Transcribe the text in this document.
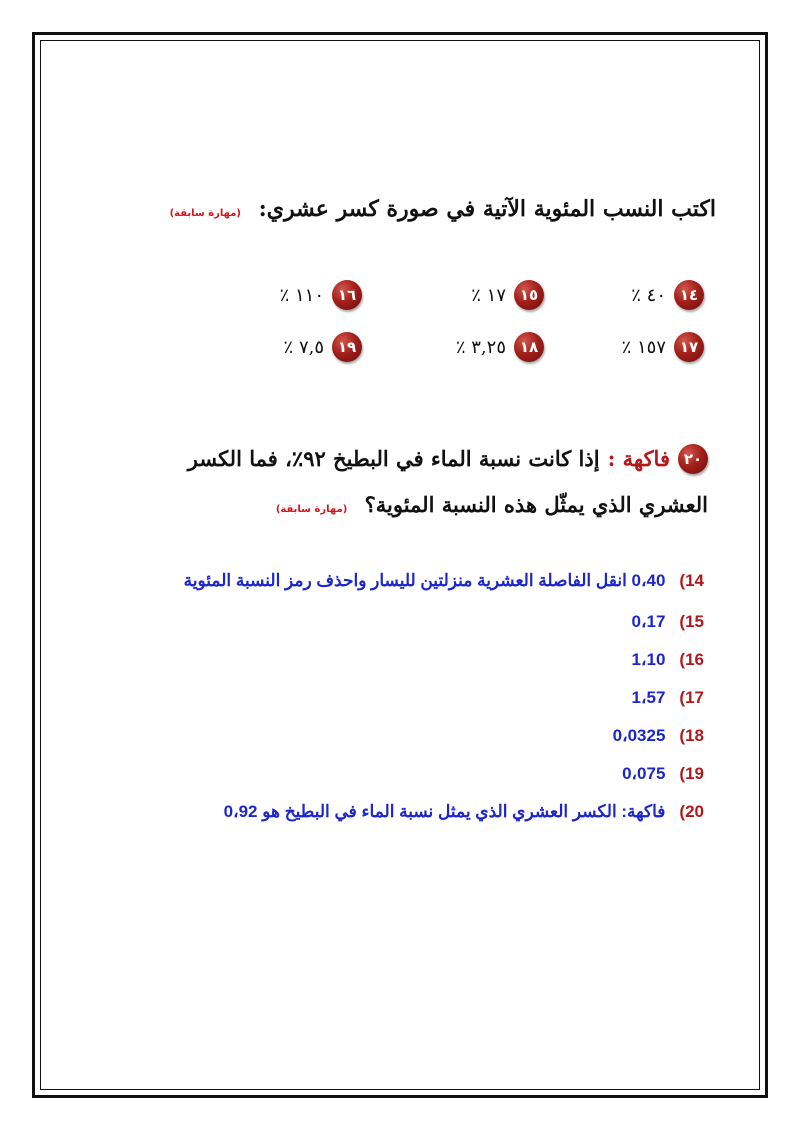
اكتب النسب المئوية الآتية في صورة كسر عشري: (مهارة سابقة)
١٤
٪ ٤٠
١٥
٪ ١٧
١٦
٪ ١١٠
١٧
٪ ١٥٧
١٨
٪ ٣,٢٥
١٩
٪ ٧,٥
٢٠
فاكهة :
إذا كانت نسبة الماء في البطيخ ٩٢٪، فما الكسر
العشري الذي يمثّل هذه النسبة المئوية؟ (مهارة سابقة)
14)0،40 انقل الفاصلة العشرية منزلتين لليسار واحذف رمز النسبة المئوية
15)0،17
16)1،10
17)1،57
18)0،0325
19)0،075
20)فاكهة: الكسر العشري الذي يمثل نسبة الماء في البطيخ هو 0،92
